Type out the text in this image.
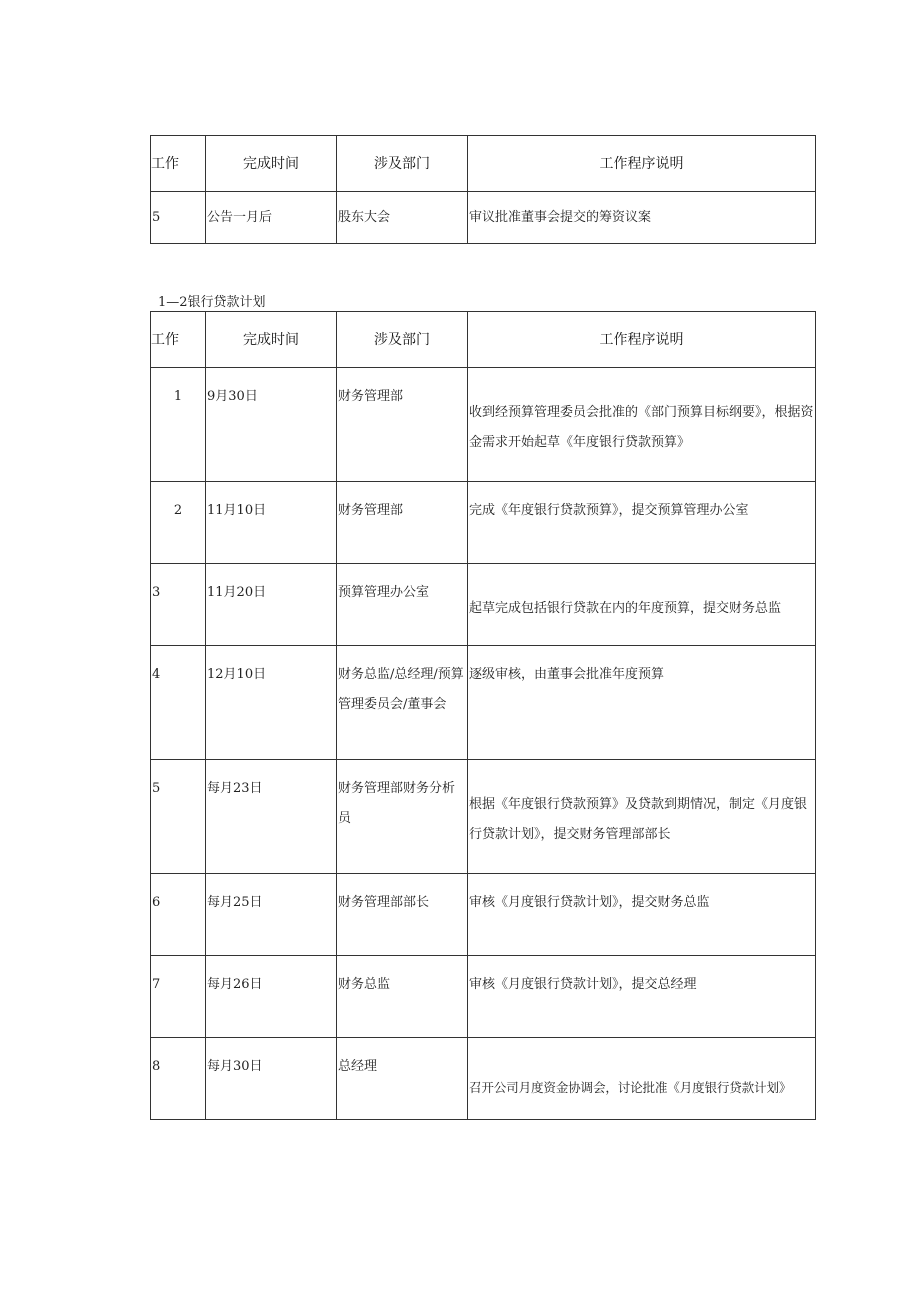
工作	完成时间	涉及部门	工作程序说明

5	公告一月后	股东大会	审议批准董事会提交的筹资议案
1—2银行贷款计划
工作	完成时间	涉及部门	工作程序说明

1	9月30日	财务管理部	收到经预算管理委员会批准的《部门预算目标纲要》，根据资金需求开始起草《年度银行贷款预算》

2	11月10日	财务管理部	完成《年度银行贷款预算》，提交预算管理办公室

3	11月20日	预算管理办公室	起草完成包括银行贷款在内的年度预算，提交财务总监

4	12月10日	财务总监/总经理/预算管理委员会/董事会	逐级审核，由董事会批准年度预算

5	每月23日	财务管理部财务分析员	根据《年度银行贷款预算》及贷款到期情况，制定《月度银行贷款计划》，提交财务管理部部长

6	每月25日	财务管理部部长	审核《月度银行贷款计划》，提交财务总监

7	每月26日	财务总监	审核《月度银行贷款计划》，提交总经理

8	每月30日	总经理	召开公司月度资金协调会，讨论批准《月度银行贷款计划》
